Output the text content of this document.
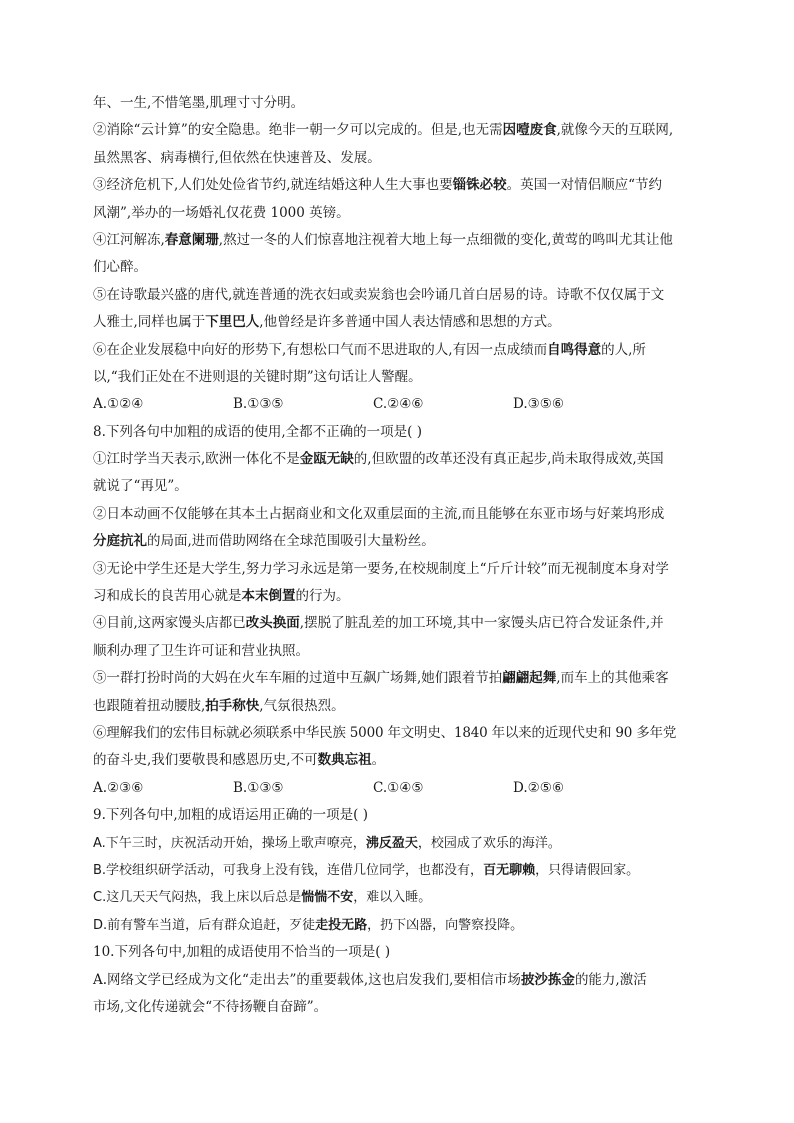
年、一生,不惜笔墨,肌理寸寸分明。
②消除“云计算”的安全隐患。绝非一朝一夕可以完成的。但是,也无需因噎废食,就像今天的互联网,
虽然黑客、病毒横行,但依然在快速普及、发展。
③经济危机下,人们处处俭省节约,就连结婚这种人生大事也要锱铢必较。英国一对情侣顺应“节约
风潮”,举办的一场婚礼仅花费 1000 英镑。
④江河解冻,春意阑珊,熬过一冬的人们惊喜地注视着大地上每一点细微的变化,黄莺的鸣叫尤其让他
们心醉。
⑤在诗歌最兴盛的唐代,就连普通的洗衣妇或卖炭翁也会吟诵几首白居易的诗。诗歌不仅仅属于文
人雅士,同样也属于下里巴人,他曾经是许多普通中国人表达情感和思想的方式。
⑥在企业发展稳中向好的形势下,有想松口气而不思进取的人,有因一点成绩而自鸣得意的人,所
以,“我们正处在不进则退的关键时期”这句话让人警醒。
A.①②④	B.①③⑤	C.②④⑥	D.③⑤⑥
8.下列各句中加粗的成语的使用,全都不正确的一项是( )
①江时学当天表示,欧洲一体化不是金瓯无缺的,但欧盟的改革还没有真正起步,尚未取得成效,英国
就说了“再见”。
②日本动画不仅能够在其本土占据商业和文化双重层面的主流,而且能够在东亚市场与好莱坞形成
分庭抗礼的局面,进而借助网络在全球范围吸引大量粉丝。
③无论中学生还是大学生,努力学习永远是第一要务,在校规制度上“斤斤计较”而无视制度本身对学
习和成长的良苦用心就是本末倒置的行为。
④目前,这两家馒头店都已改头换面,摆脱了脏乱差的加工环境,其中一家馒头店已符合发证条件,并
顺利办理了卫生许可证和营业执照。
⑤一群打扮时尚的大妈在火车车厢的过道中互飙广场舞,她们跟着节拍翩翩起舞,而车上的其他乘客
也跟随着扭动腰肢,拍手称快,气氛很热烈。
⑥理解我们的宏伟目标就必须联系中华民族 5000 年文明史、1840 年以来的近现代史和 90 多年党
的奋斗史,我们要敬畏和感恩历史,不可数典忘祖。
A.②③⑥	B.①③⑤	C.①④⑤	D.②⑤⑥
9.下列各句中,加粗的成语运用正确的一项是( )
A.下午三时，庆祝活动开始，操场上歌声嘹亮，沸反盈天，校园成了欢乐的海洋。
B.学校组织研学活动，可我身上没有钱，连借几位同学，也都没有，百无聊赖，只得请假回家。
C.这几天天气闷热，我上床以后总是惴惴不安，难以入睡。
D.前有警车当道，后有群众追赶，歹徒走投无路，扔下凶器，向警察投降。
10.下列各句中,加粗的成语使用不恰当的一项是( )
A.网络文学已经成为文化“走出去”的重要载体,这也启发我们,要相信市场披沙拣金的能力,激活
市场,文化传递就会“不待扬鞭自奋蹄”。
